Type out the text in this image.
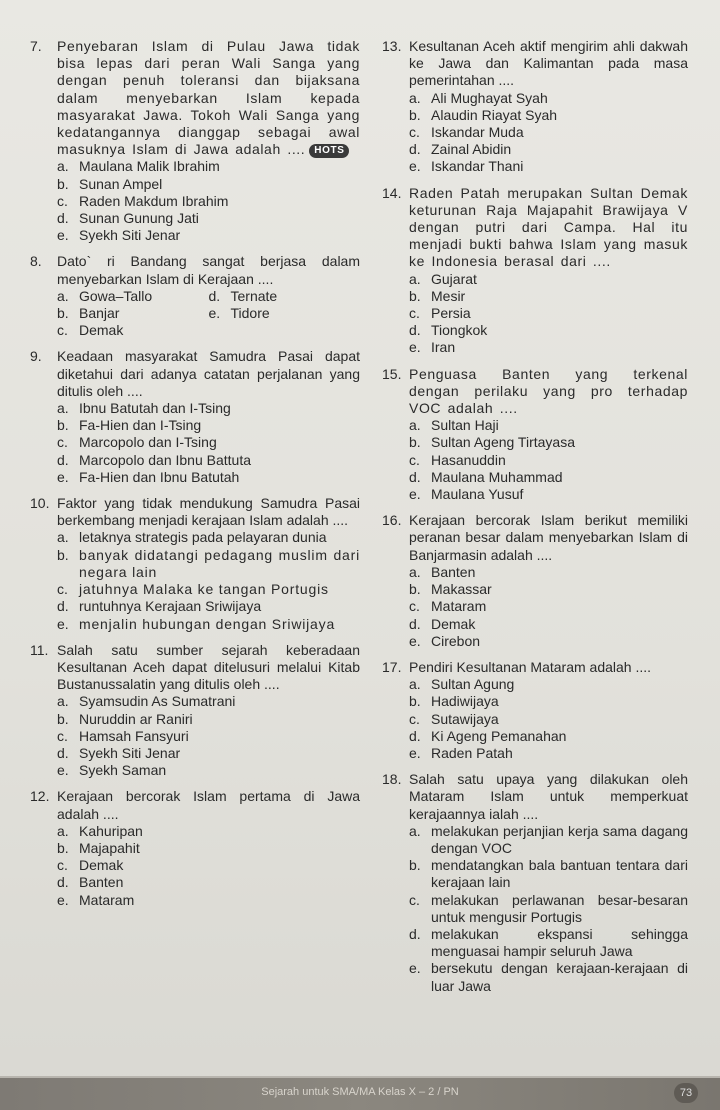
7.	Penyebaran Islam di Pulau Jawa tidak bisa lepas dari peran Wali Sanga yang dengan penuh toleransi dan bijaksana dalam menyebarkan Islam kepada masyarakat Jawa. Tokoh Wali Sanga yang kedatangannya dianggap sebagai awal masuknya Islam di Jawa adalah .... HOTS
a. Maulana Malik Ibrahim
b. Sunan Ampel
c. Raden Makdum Ibrahim
d. Sunan Gunung Jati
e. Syekh Siti Jenar
8.	Dato` ri Bandang sangat berjasa dalam menyebarkan Islam di Kerajaan ....
a. Gowa–Tallo	d. Ternate
b. Banjar	e. Tidore
c. Demak
9.	Keadaan masyarakat Samudra Pasai dapat diketahui dari adanya catatan perjalanan yang ditulis oleh ....
a. Ibnu Batutah dan I-Tsing
b. Fa-Hien dan I-Tsing
c. Marcopolo dan I-Tsing
d. Marcopolo dan Ibnu Battuta
e. Fa-Hien dan Ibnu Batutah
10. Faktor yang tidak mendukung Samudra Pasai berkembang menjadi kerajaan Islam adalah ....
a. letaknya strategis pada pelayaran dunia
b. banyak didatangi pedagang muslim dari negara lain
c. jatuhnya Malaka ke tangan Portugis
d. runtuhnya Kerajaan Sriwijaya
e. menjalin hubungan dengan Sriwijaya
11. Salah satu sumber sejarah keberadaan Kesultanan Aceh dapat ditelusuri melalui Kitab Bustanussalatin yang ditulis oleh ....
a. Syamsudin As Sumatrani
b. Nuruddin ar Raniri
c. Hamsah Fansyuri
d. Syekh Siti Jenar
e. Syekh Saman
12. Kerajaan bercorak Islam pertama di Jawa adalah ....
a. Kahuripan
b. Majapahit
c. Demak
d. Banten
e. Mataram
13. Kesultanan Aceh aktif mengirim ahli dakwah ke Jawa dan Kalimantan pada masa pemerintahan ....
a. Ali Mughayat Syah
b. Alaudin Riayat Syah
c. Iskandar Muda
d. Zainal Abidin
e. Iskandar Thani
14. Raden Patah merupakan Sultan Demak keturunan Raja Majapahit Brawijaya V dengan putri dari Campa. Hal itu menjadi bukti bahwa Islam yang masuk ke Indonesia berasal dari ....
a. Gujarat
b. Mesir
c. Persia
d. Tiongkok
e. Iran
15. Penguasa Banten yang terkenal dengan perilaku yang pro terhadap VOC adalah ....
a. Sultan Haji
b. Sultan Ageng Tirtayasa
c. Hasanuddin
d. Maulana Muhammad
e. Maulana Yusuf
16. Kerajaan bercorak Islam berikut memiliki peranan besar dalam menyebarkan Islam di Banjarmasin adalah ....
a. Banten
b. Makassar
c. Mataram
d. Demak
e. Cirebon
17. Pendiri Kesultanan Mataram adalah ....
a. Sultan Agung
b. Hadiwijaya
c. Sutawijaya
d. Ki Ageng Pemanahan
e. Raden Patah
18. Salah satu upaya yang dilakukan oleh Mataram Islam untuk memperkuat kerajaannya ialah ....
a. melakukan perjanjian kerja sama dagang dengan VOC
b. mendatangkan bala bantuan tentara dari kerajaan lain
c. melakukan perlawanan besar-besaran untuk mengusir Portugis
d. melakukan ekspansi sehingga menguasai hampir seluruh Jawa
e. bersekutu dengan kerajaan-kerajaan di luar Jawa
Sejarah untuk SMA/MA Kelas X – 2 / PN	73
